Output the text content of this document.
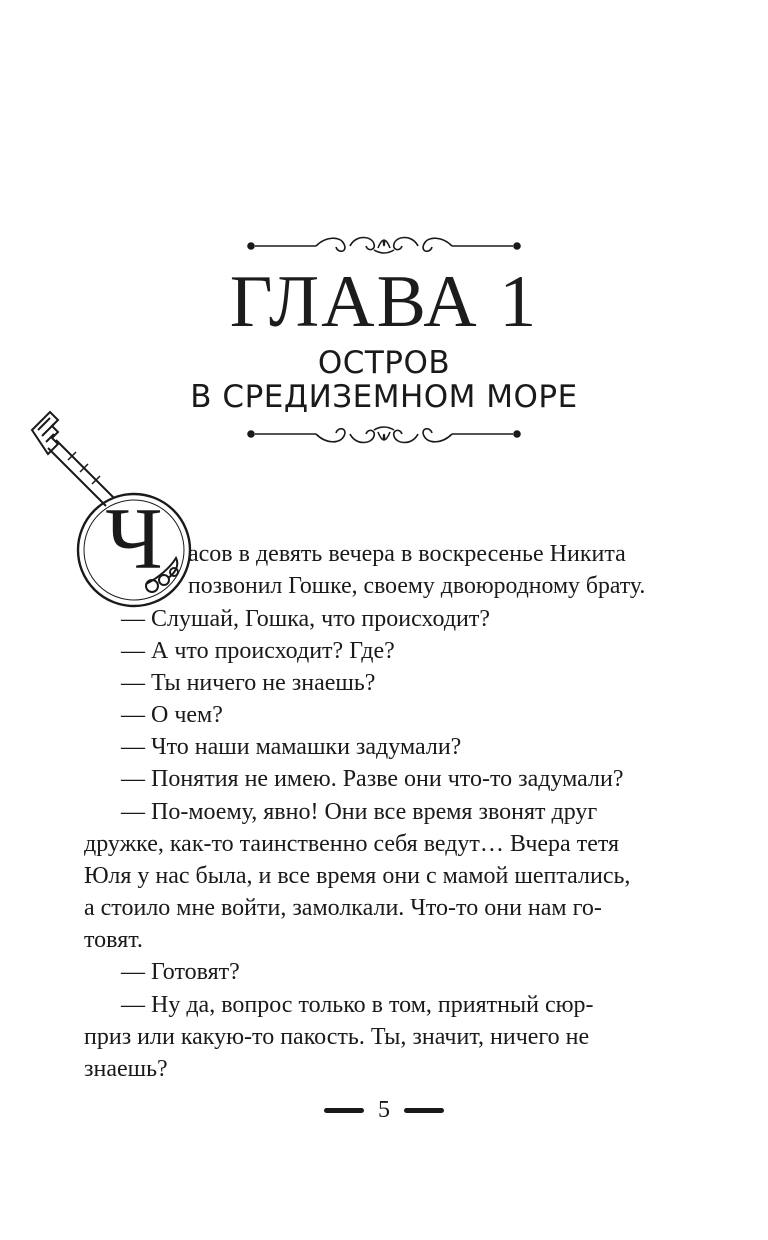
ГЛАВА 1
ОСТРОВ
В СРЕДИЗЕМНОМ МОРЕ
Ч	асов в девять вечера в воскресенье Никита
позвонил Гошке, своему двоюродному брату.
— Слушай, Гошка, что происходит?
— А что происходит? Где?
— Ты ничего не знаешь?
— О чем?
— Что наши мамашки задумали?
— Понятия не имею. Разве они что-то задумали?
— По-моему, явно! Они все время звонят друг
дружке, как-то таинственно себя ведут… Вчера тетя
Юля у нас была, и все время они с мамой шептались,
а стоило мне войти, замолкали. Что-то они нам го-
товят.
— Готовят?
— Ну да, вопрос только в том, приятный сюр-
приз или какую-то пакость. Ты, значит, ничего не
знаешь?
5
